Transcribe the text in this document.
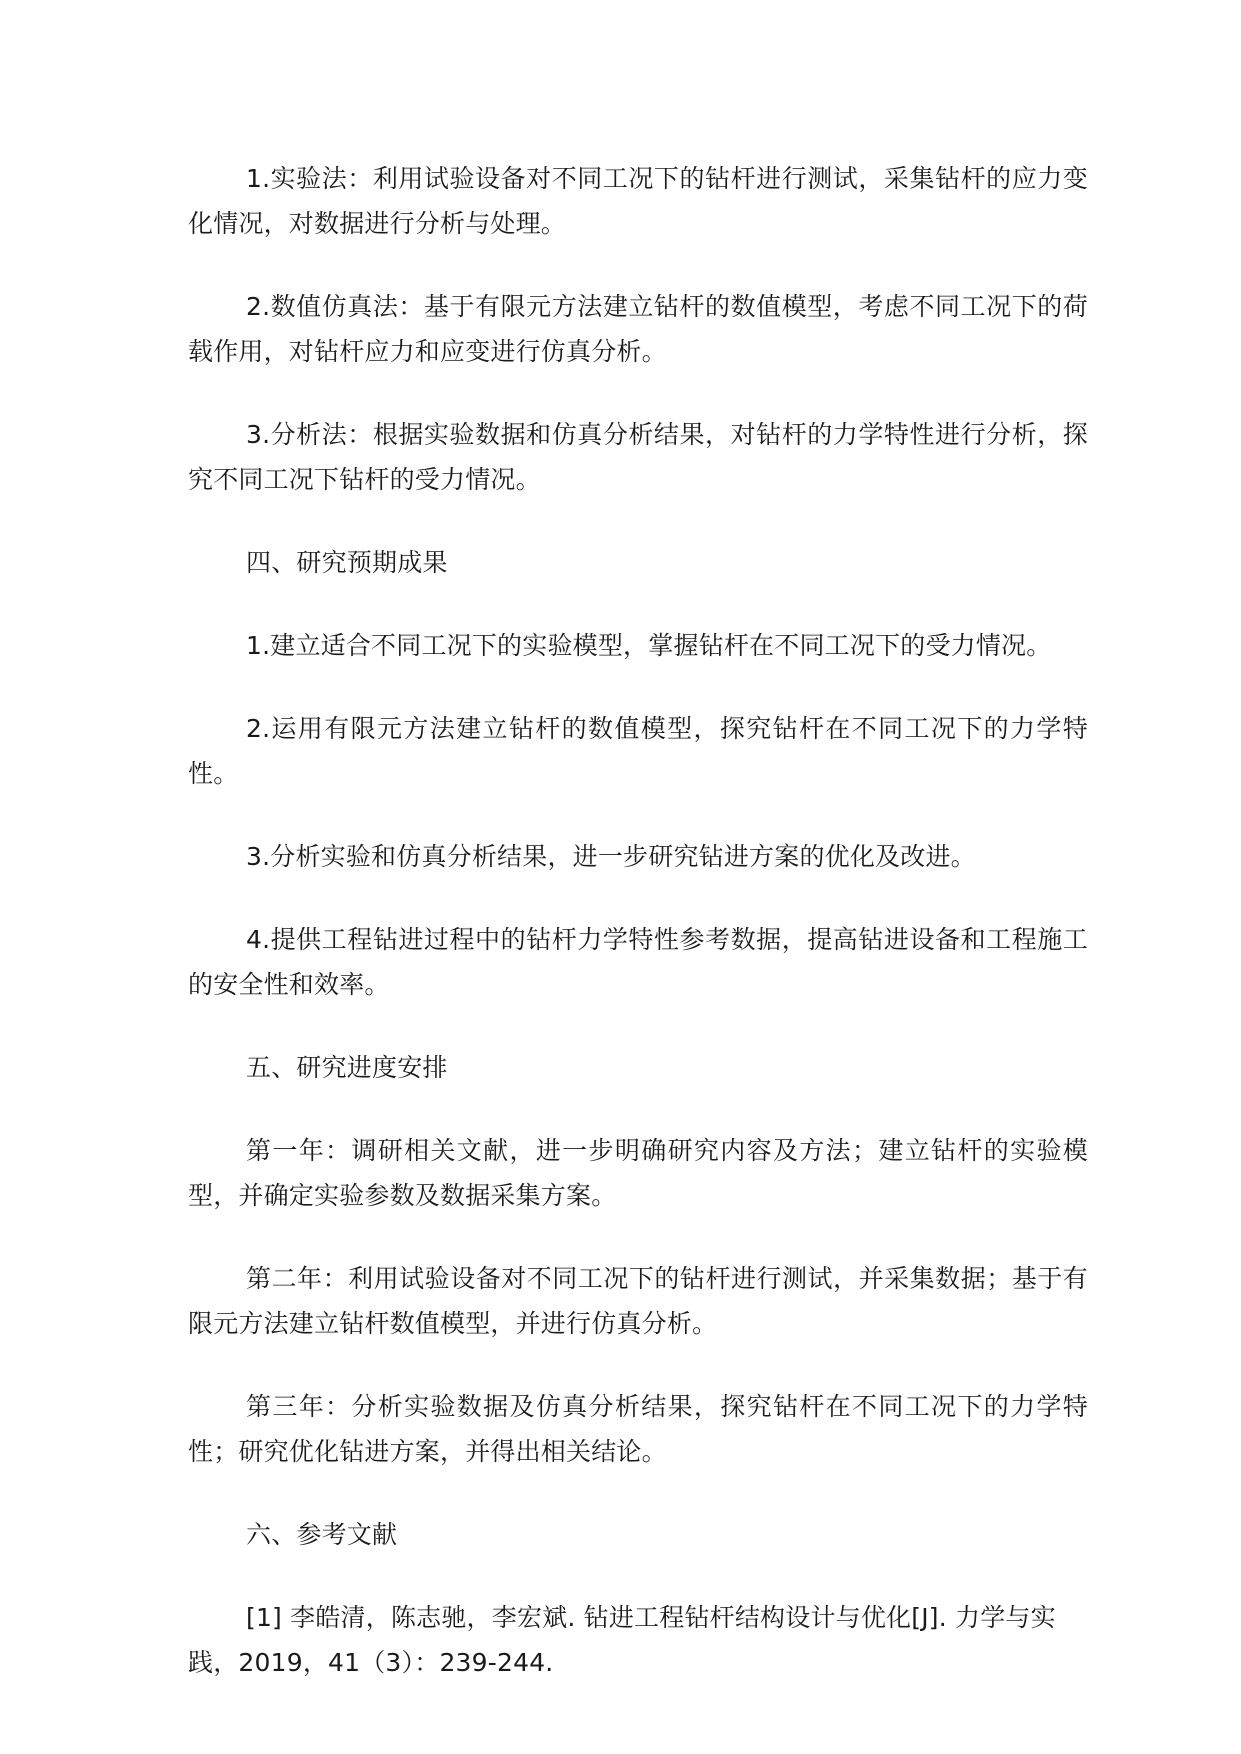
1.实验法：利用试验设备对不同工况下的钻杆进行测试，采集钻杆的应力变化情况，对数据进行分析与处理。

2.数值仿真法：基于有限元方法建立钻杆的数值模型，考虑不同工况下的荷载作用，对钻杆应力和应变进行仿真分析。

3.分析法：根据实验数据和仿真分析结果，对钻杆的力学特性进行分析，探究不同工况下钻杆的受力情况。

四、研究预期成果

1.建立适合不同工况下的实验模型，掌握钻杆在不同工况下的受力情况。

2.运用有限元方法建立钻杆的数值模型，探究钻杆在不同工况下的力学特性。

3.分析实验和仿真分析结果，进一步研究钻进方案的优化及改进。

4.提供工程钻进过程中的钻杆力学特性参考数据，提高钻进设备和工程施工的安全性和效率。

五、研究进度安排

第一年：调研相关文献，进一步明确研究内容及方法；建立钻杆的实验模型，并确定实验参数及数据采集方案。

第二年：利用试验设备对不同工况下的钻杆进行测试，并采集数据；基于有限元方法建立钻杆数值模型，并进行仿真分析。

第三年：分析实验数据及仿真分析结果，探究钻杆在不同工况下的力学特性；研究优化钻进方案，并得出相关结论。

六、参考文献

[1] 李皓清，陈志驰，李宏斌. 钻进工程钻杆结构设计与优化[J]. 力学与实践，2019，41（3）：239-244.
